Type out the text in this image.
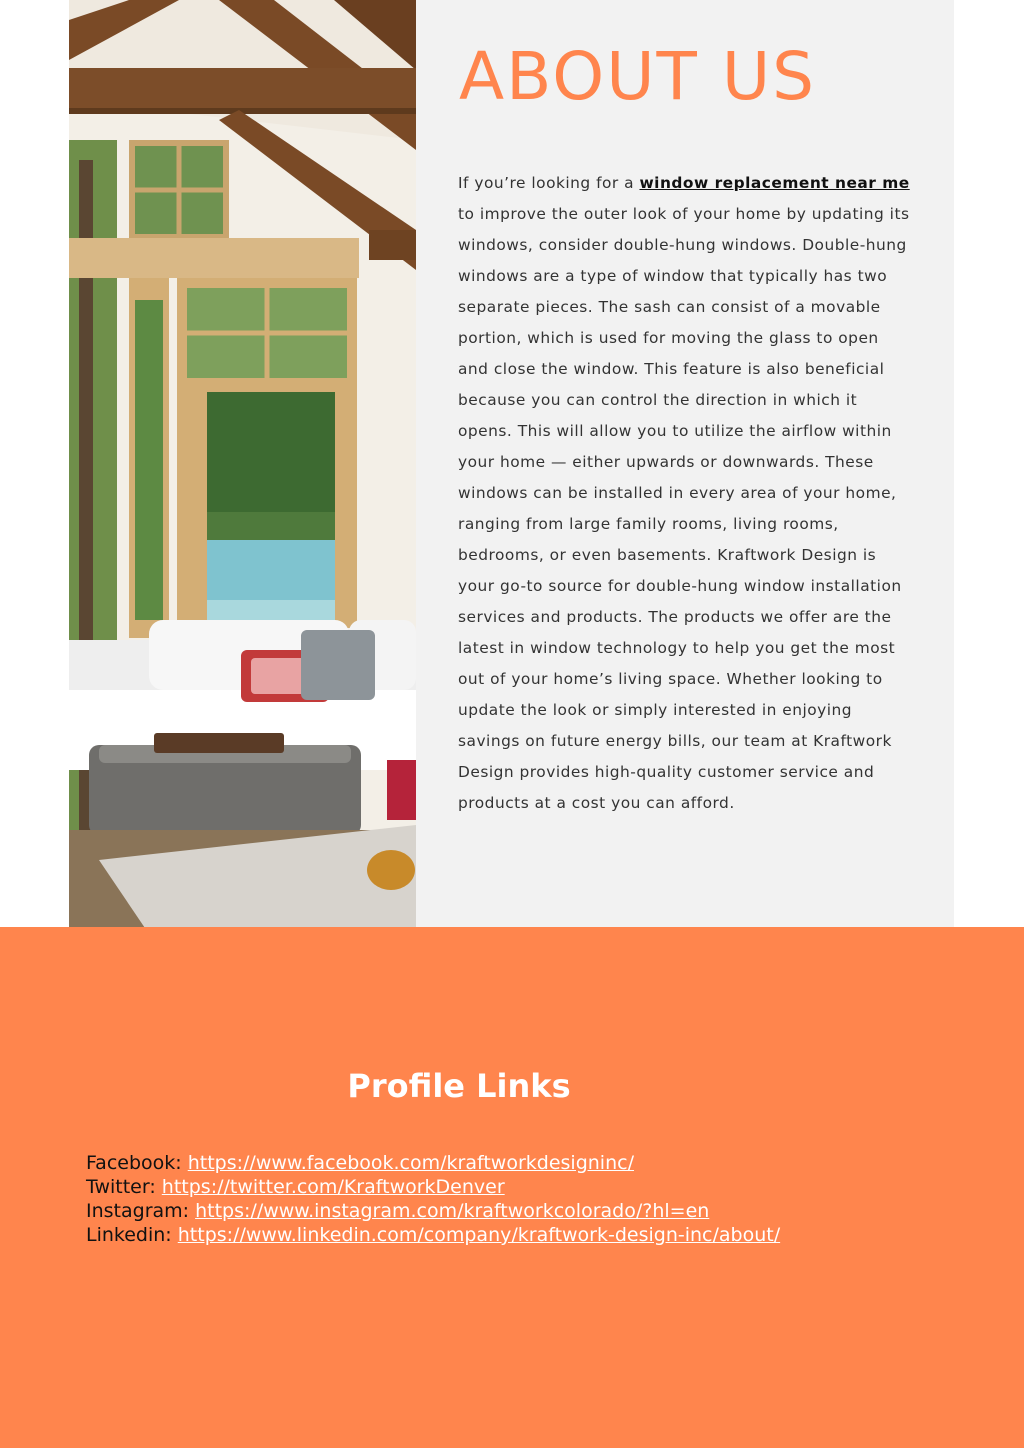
ABOUT US

If you’re looking for a window replacement near me to improve the outer look of your home by updating its windows, consider double-hung windows. Double-hung windows are a type of window that typically has two separate pieces. The sash can consist of a movable portion, which is used for moving the glass to open and close the window. This feature is also beneficial because you can control the direction in which it opens. This will allow you to utilize the airflow within your home — either upwards or downwards. These windows can be installed in every area of your home, ranging from large family rooms, living rooms, bedrooms, or even basements. Kraftwork Design is your go-to source for double-hung window installation services and products. The products we offer are the latest in window technology to help you get the most out of your home’s living space. Whether looking to update the look or simply interested in enjoying savings on future energy bills, our team at Kraftwork Design provides high-quality customer service and products at a cost you can afford.

Profile Links
Facebook: https://www.facebook.com/kraftworkdesigninc/
Twitter: https://twitter.com/KraftworkDenver
Instagram: https://www.instagram.com/kraftworkcolorado/?hl=en
Linkedin: https://www.linkedin.com/company/kraftwork-design-inc/about/
